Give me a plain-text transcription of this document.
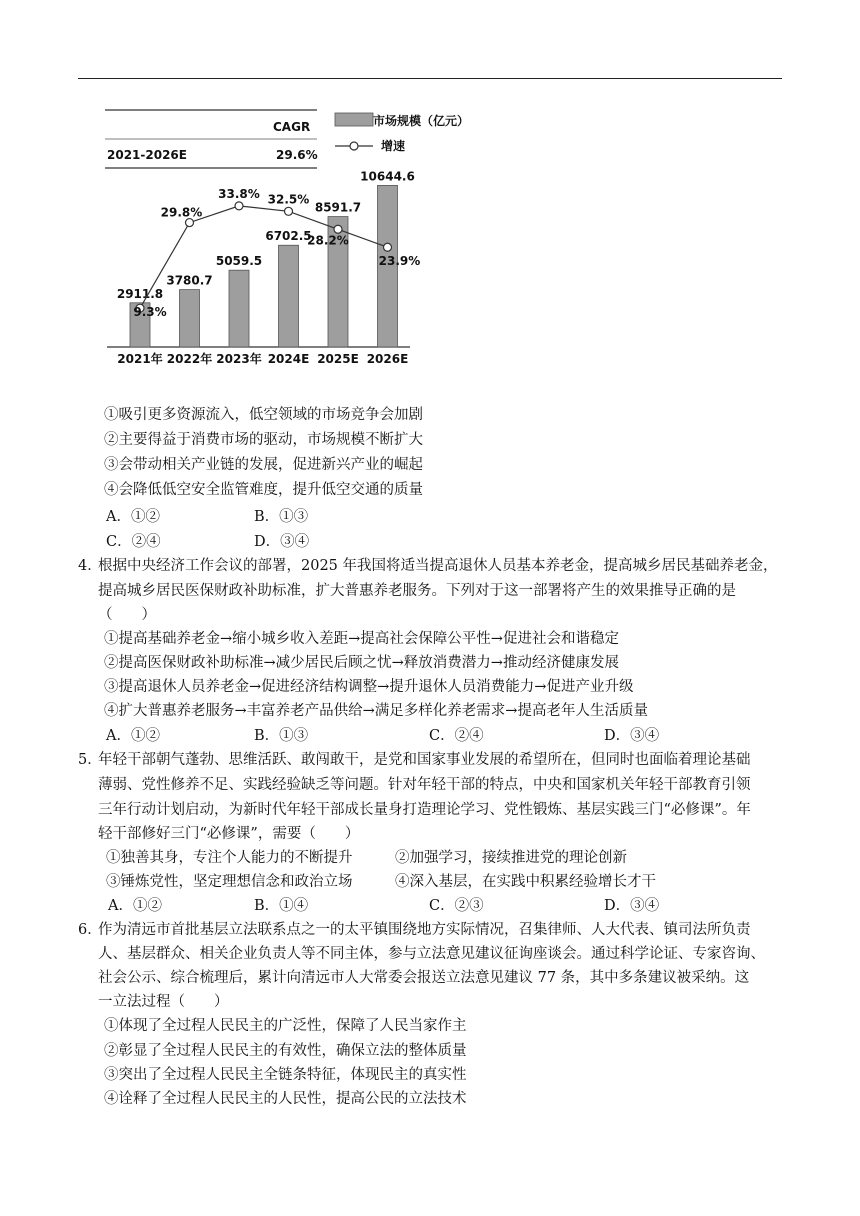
CAGR
2021-2026E	29.6%
市场规模（亿元）
增速
2911.8
2021年
3780.7
2022年
5059.5
2023年
6702.5
2024E
8591.7
2025E
10644.6
2026E
9.3%
29.8%
33.8% 32.5%
28.2%
23.9%
①吸引更多资源流入，低空领域的市场竞争会加剧
②主要得益于消费市场的驱动，市场规模不断扩大
③会带动相关产业链的发展，促进新兴产业的崛起
④会降低低空安全监管难度，提升低空交通的质量
A．①②	B．①③
C．②④	D．③④
4．
根据中央经济工作会议的部署，2025 年我国将适当提高退休人员基本养老金，提高城乡居民基础养老金，
提高城乡居民医保财政补助标准，扩大普惠养老服务。下列对于这一部署将产生的效果推导正确的是
（　　）
①提高基础养老金→缩小城乡收入差距→提高社会保障公平性→促进社会和谐稳定
②提高医保财政补助标准→减少居民后顾之忧→释放消费潜力→推动经济健康发展
③提高退休人员养老金→促进经济结构调整→提升退休人员消费能力→促进产业升级
④扩大普惠养老服务→丰富养老产品供给→满足多样化养老需求→提高老年人生活质量
A．①②	B．①③	C．②④	D．③④
5．
年轻干部朝气蓬勃、思维活跃、敢闯敢干，是党和国家事业发展的希望所在，但同时也面临着理论基础
薄弱、党性修养不足、实践经验缺乏等问题。针对年轻干部的特点，中央和国家机关年轻干部教育引领
三年行动计划启动，为新时代年轻干部成长量身打造理论学习、党性锻炼、基层实践三门“必修课”。年
轻干部修好三门“必修课”，需要（　　）
①独善其身，专注个人能力的不断提升	②加强学习，接续推进党的理论创新
③锤炼党性，坚定理想信念和政治立场	④深入基层，在实践中积累经验增长才干
A．①②	B．①④	C．②③	D．③④
6．
作为清远市首批基层立法联系点之一的太平镇围绕地方实际情况，召集律师、人大代表、镇司法所负责
人、基层群众、相关企业负责人等不同主体，参与立法意见建议征询座谈会。通过科学论证、专家咨询、
社会公示、综合梳理后，累计向清远市人大常委会报送立法意见建议 77 条，其中多条建议被采纳。这
一立法过程（　　）
①体现了全过程人民民主的广泛性，保障了人民当家作主
②彰显了全过程人民民主的有效性，确保立法的整体质量
③突出了全过程人民民主全链条特征，体现民主的真实性
④诠释了全过程人民民主的人民性，提高公民的立法技术
